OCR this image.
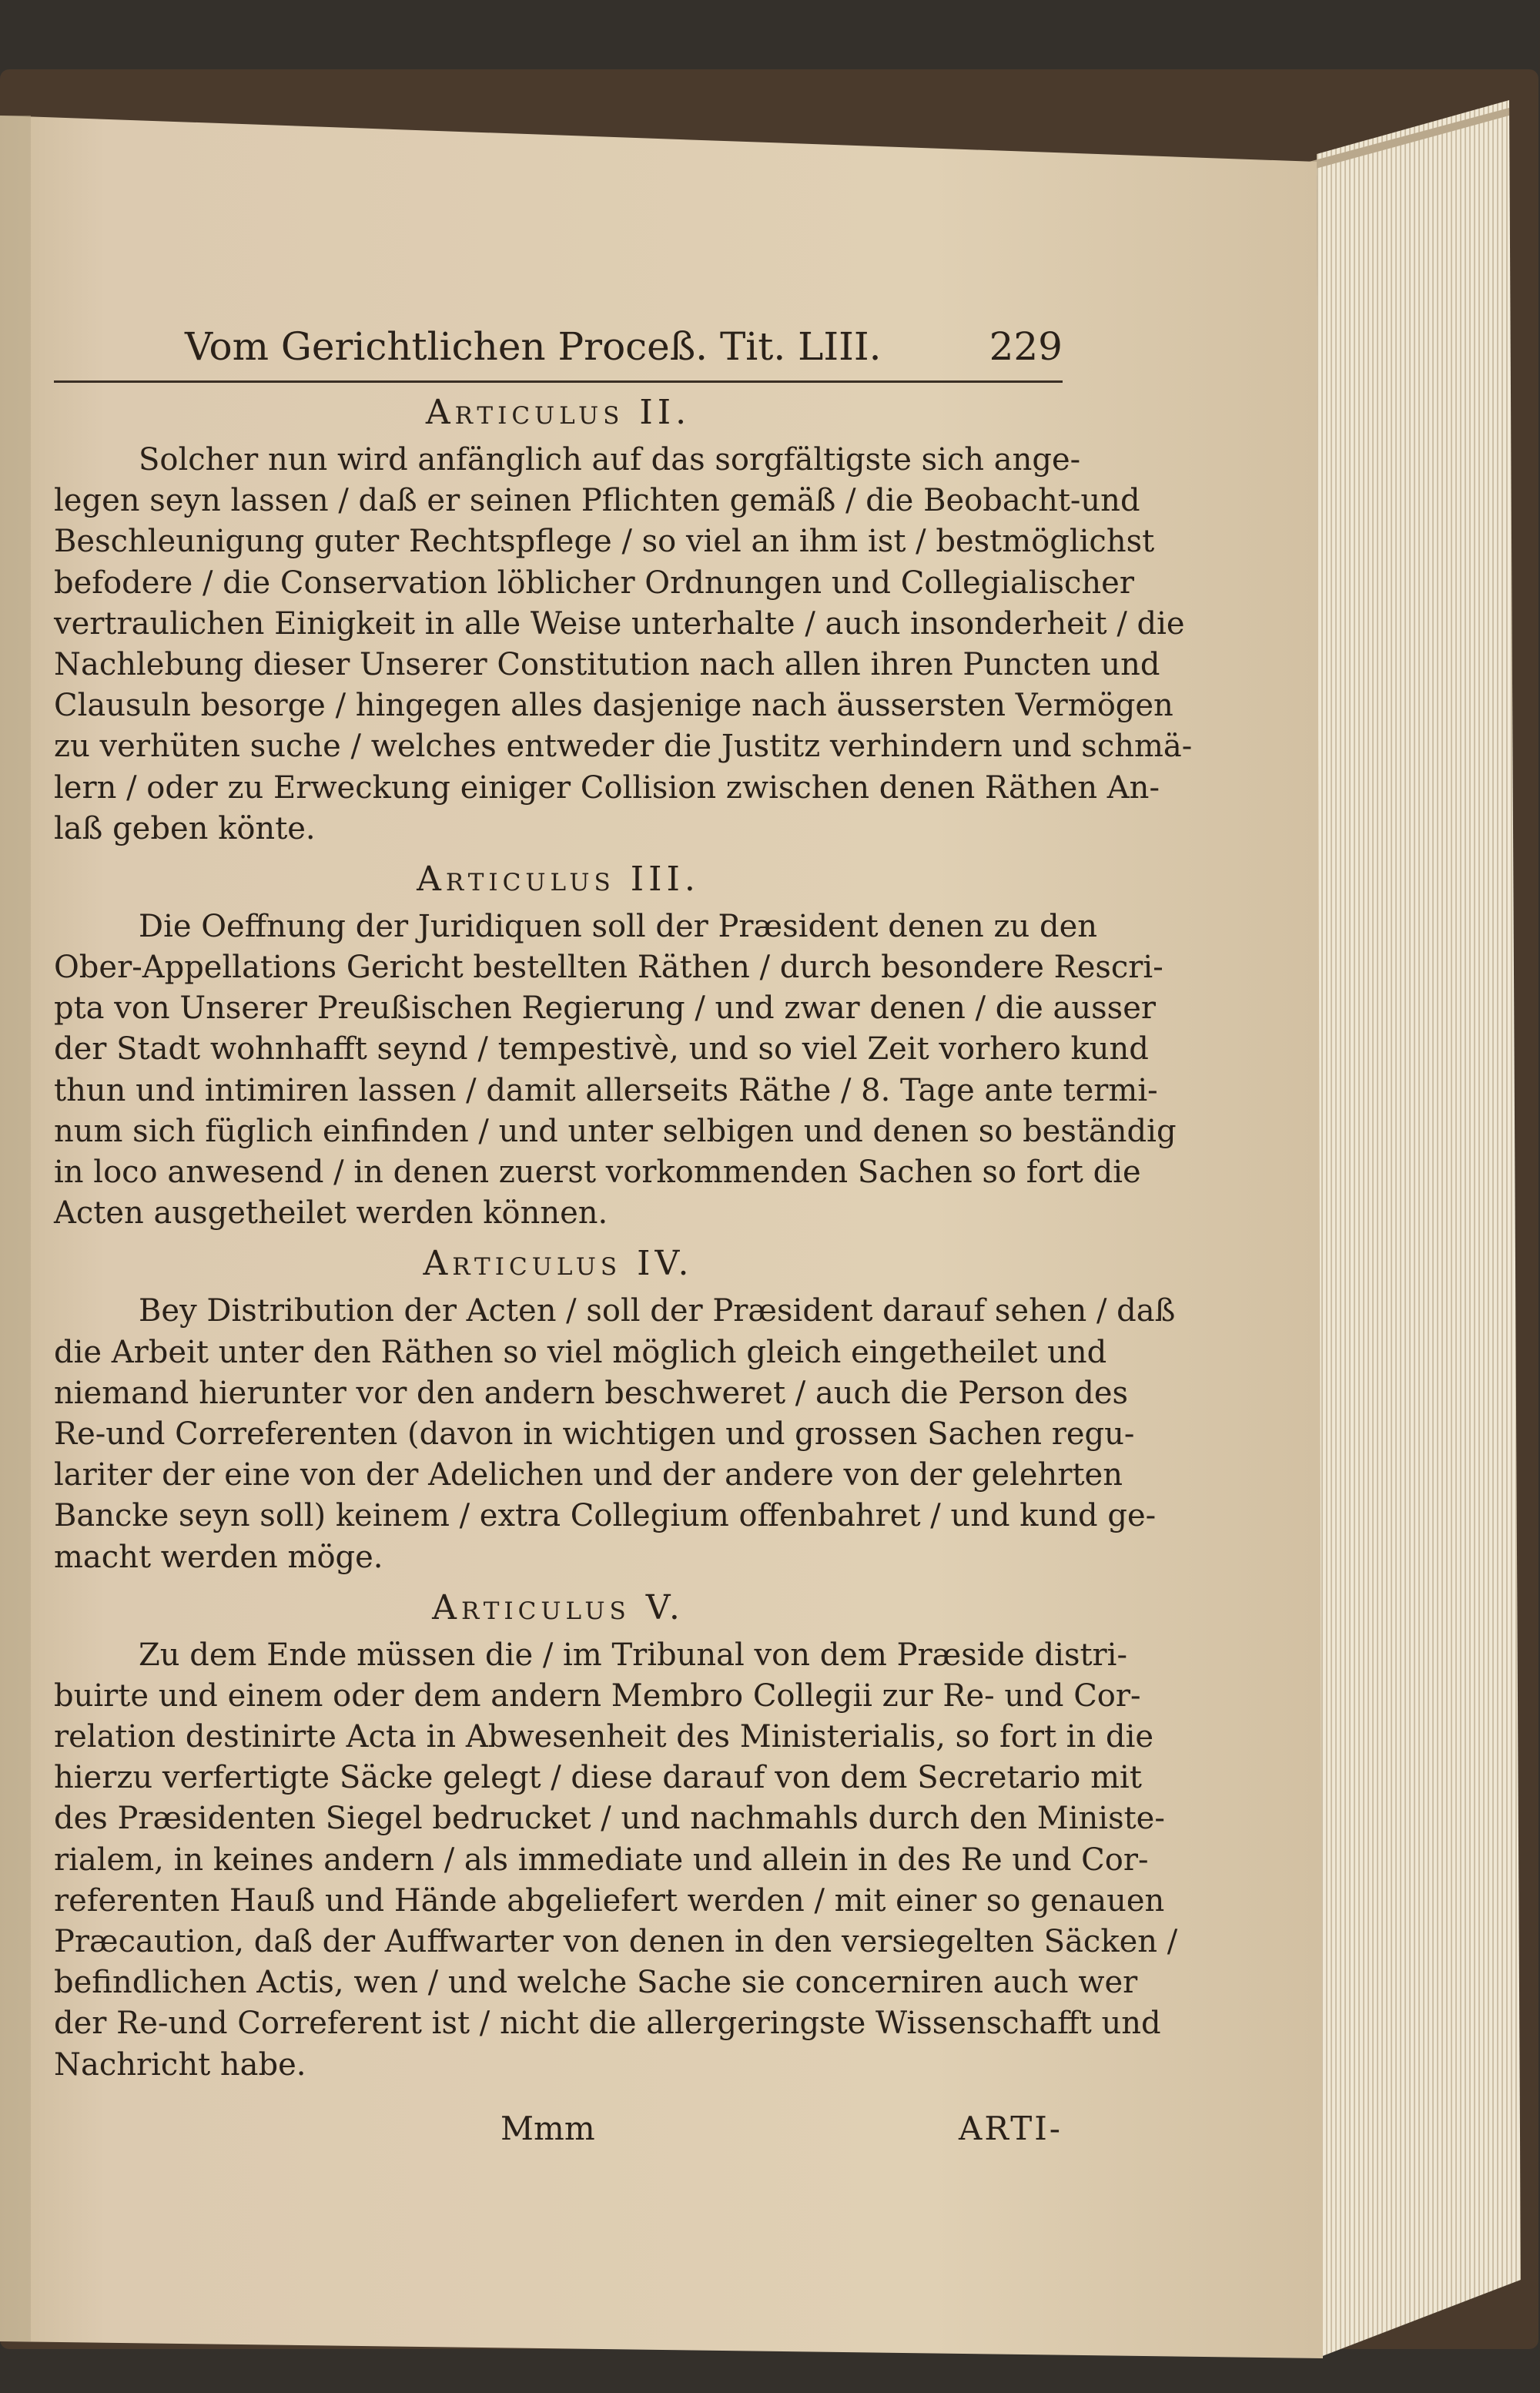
Vom Gerichtlichen Proceß. Tit. LIII.	229
Articulus II.
Solcher nun wird anfänglich auf das sorgfältigste sich ange-
legen seyn lassen / daß er seinen Pflichten gemäß / die Beobacht-und
Beschleunigung guter Rechtspflege / so viel an ihm ist / bestmöglichst
befodere / die Conservation löblicher Ordnungen und Collegialischer
vertraulichen Einigkeit in alle Weise unterhalte / auch insonderheit / die
Nachlebung dieser Unserer Constitution nach allen ihren Puncten und
Clausuln besorge / hingegen alles dasjenige nach äussersten Vermögen
zu verhüten suche / welches entweder die Justitz verhindern und schmä-
lern / oder zu Erweckung einiger Collision zwischen denen Räthen An-
laß geben könte.
Articulus III.
Die Oeffnung der Juridiquen soll der Præsident denen zu den
Ober-Appellations Gericht bestellten Räthen / durch besondere Rescri-
pta von Unserer Preußischen Regierung / und zwar denen / die ausser
der Stadt wohnhafft seynd / tempestivè, und so viel Zeit vorhero kund
thun und intimiren lassen / damit allerseits Räthe / 8. Tage ante termi-
num sich füglich einfinden / und unter selbigen und denen so beständig
in loco anwesend / in denen zuerst vorkommenden Sachen so fort die
Acten ausgetheilet werden können.
Articulus IV.
Bey Distribution der Acten / soll der Præsident darauf sehen / daß
die Arbeit unter den Räthen so viel möglich gleich eingetheilet und
niemand hierunter vor den andern beschweret / auch die Person des
Re-und Correferenten (davon in wichtigen und grossen Sachen regu-
lariter der eine von der Adelichen und der andere von der gelehrten
Bancke seyn soll) keinem / extra Collegium offenbahret / und kund ge-
macht werden möge.
Articulus V.
Zu dem Ende müssen die / im Tribunal von dem Præside distri-
buirte und einem oder dem andern Membro Collegii zur Re- und Cor-
relation destinirte Acta in Abwesenheit des Ministerialis, so fort in die
hierzu verfertigte Säcke gelegt / diese darauf von dem Secretario mit
des Præsidenten Siegel bedrucket / und nachmahls durch den Ministe-
rialem, in keines andern / als immediate und allein in des Re und Cor-
referenten Hauß und Hände abgeliefert werden / mit einer so genauen
Præcaution, daß der Auffwarter von denen in den versiegelten Säcken /
befindlichen Actis, wen / und welche Sache sie concerniren auch wer
der Re-und Correferent ist / nicht die allergeringste Wissenschafft und
Nachricht habe.
Mmm	ARTI-
